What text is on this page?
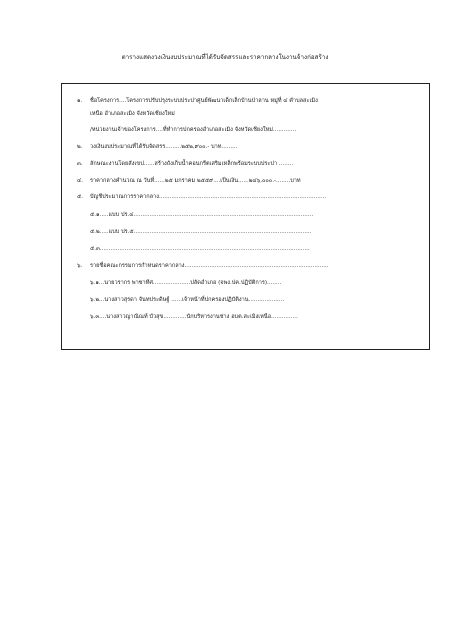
ตารางแสดงวงเงินงบประมาณที่ได้รับจัดสรรและราคากลางในงานจ้างก่อสร้าง
๑. ชื่อโครงการ....โครงการปรับปรุงระบบประปาศูนย์พัฒนาเด็กเล็กบ้านป่าลาน หมู่ที่ ๔ ตำบลสะเมิง
เหนือ อำเภอสะเมิง จังหวัดเชียงใหม่
/หน่วยงานเจ้าของโครงการ....ที่ทำการปกครองอำเภอสะเมิง จังหวัดเชียงใหม่.............
๒. วงเงินงบประมาณที่ได้รับจัดสรร.........๒๕๒,๙๐๐.- บาท.........
๓. ลักษณะงานโดยสังเขป......สร้างถังเก็บน้ำคอนกรีตเสริมเหล็กพร้อมระบบประปา ........
๔. ราคากลางคำนวณ ณ วันที่......๒๕ มกราคม ๒๕๕๙....เป็นเงิน......๒๔๖,๐๐๐.-........บาท
๕. บัญชีประมาณการราคากลาง..............................................................................................
๕.๑.....แบบ ปร.๔.....................................................................................................
๕.๒.....แบบ ปร.๕....................................................................................................
๕.๓......................................................................................................................
๖. รายชื่อคณะกรรมการกำหนดราคากลาง.................................................................................
๖.๑...นายวรากร พาซาทีศ.....................ปลัดอำเภอ (จพง.ปค.ปฏิบัติการ)........
๖.๒...นางสาวสุรดา จันทประดิษฐ์ ......เจ้าหน้าที่ปกครองปฏิบัติงาน....................
๖.๓....นางสาวญาณิณท์ บัวสุข.............นักบริหารงานช่าง อบต.สะเมิงเหนือ...............
